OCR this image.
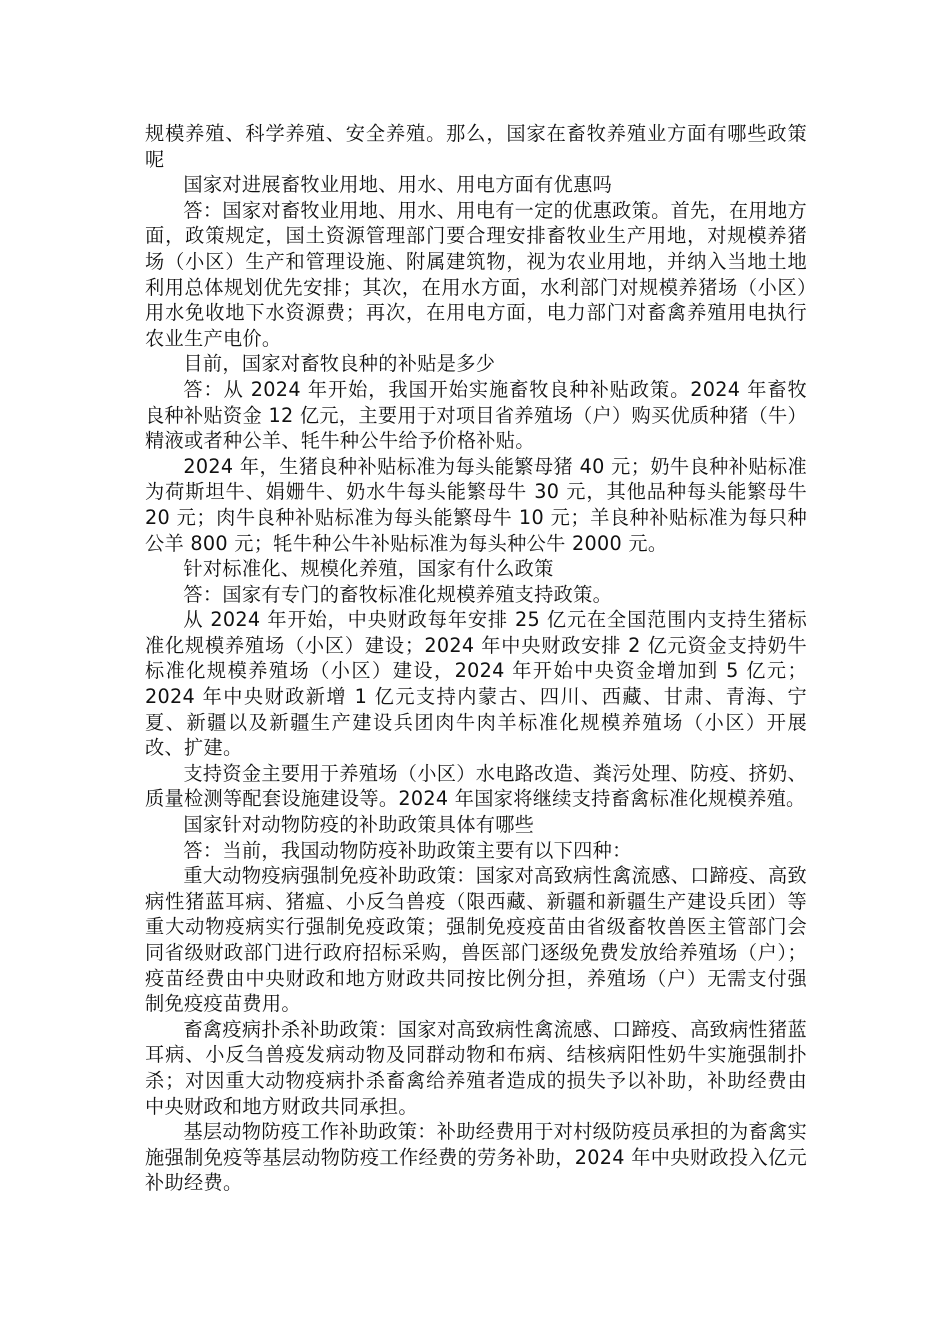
规模养殖、科学养殖、安全养殖。那么，国家在畜牧养殖业方面有哪些政策呢

国家对进展畜牧业用地、用水、用电方面有优惠吗

答：国家对畜牧业用地、用水、用电有一定的优惠政策。首先，在用地方面，政策规定，国土资源管理部门要合理安排畜牧业生产用地，对规模养猪场（小区）生产和管理设施、附属建筑物，视为农业用地，并纳入当地土地利用总体规划优先安排；其次，在用水方面，水利部门对规模养猪场（小区）用水免收地下水资源费；再次，在用电方面，电力部门对畜禽养殖用电执行农业生产电价。

目前，国家对畜牧良种的补贴是多少

答：从 2024 年开始，我国开始实施畜牧良种补贴政策。2024 年畜牧良种补贴资金 12 亿元，主要用于对项目省养殖场（户）购买优质种猪（牛）精液或者种公羊、牦牛种公牛给予价格补贴。

2024 年，生猪良种补贴标准为每头能繁母猪 40 元；奶牛良种补贴标准为荷斯坦牛、娟姗牛、奶水牛每头能繁母牛 30 元，其他品种每头能繁母牛 20 元；肉牛良种补贴标准为每头能繁母牛 10 元；羊良种补贴标准为每只种公羊 800 元；牦牛种公牛补贴标准为每头种公牛 2000 元。

针对标准化、规模化养殖，国家有什么政策

答：国家有专门的畜牧标准化规模养殖支持政策。

从 2024 年开始，中央财政每年安排 25 亿元在全国范围内支持生猪标准化规模养殖场（小区）建设；2024 年中央财政安排 2 亿元资金支持奶牛标准化规模养殖场（小区）建设，2024 年开始中央资金增加到 5 亿元；2024 年中央财政新增 1 亿元支持内蒙古、四川、西藏、甘肃、青海、宁夏、新疆以及新疆生产建设兵团肉牛肉羊标准化规模养殖场（小区）开展改、扩建。

支持资金主要用于养殖场（小区）水电路改造、粪污处理、防疫、挤奶、质量检测等配套设施建设等。2024 年国家将继续支持畜禽标准化规模养殖。

国家针对动物防疫的补助政策具体有哪些

答：当前，我国动物防疫补助政策主要有以下四种：

重大动物疫病强制免疫补助政策：国家对高致病性禽流感、口蹄疫、高致病性猪蓝耳病、猪瘟、小反刍兽疫（限西藏、新疆和新疆生产建设兵团）等重大动物疫病实行强制免疫政策；强制免疫疫苗由省级畜牧兽医主管部门会同省级财政部门进行政府招标采购，兽医部门逐级免费发放给养殖场（户）；疫苗经费由中央财政和地方财政共同按比例分担，养殖场（户）无需支付强制免疫疫苗费用。

畜禽疫病扑杀补助政策：国家对高致病性禽流感、口蹄疫、高致病性猪蓝耳病、小反刍兽疫发病动物及同群动物和布病、结核病阳性奶牛实施强制扑杀；对因重大动物疫病扑杀畜禽给养殖者造成的损失予以补助，补助经费由中央财政和地方财政共同承担。

基层动物防疫工作补助政策：补助经费用于对村级防疫员承担的为畜禽实施强制免疫等基层动物防疫工作经费的劳务补助，2024 年中央财政投入亿元补助经费。
